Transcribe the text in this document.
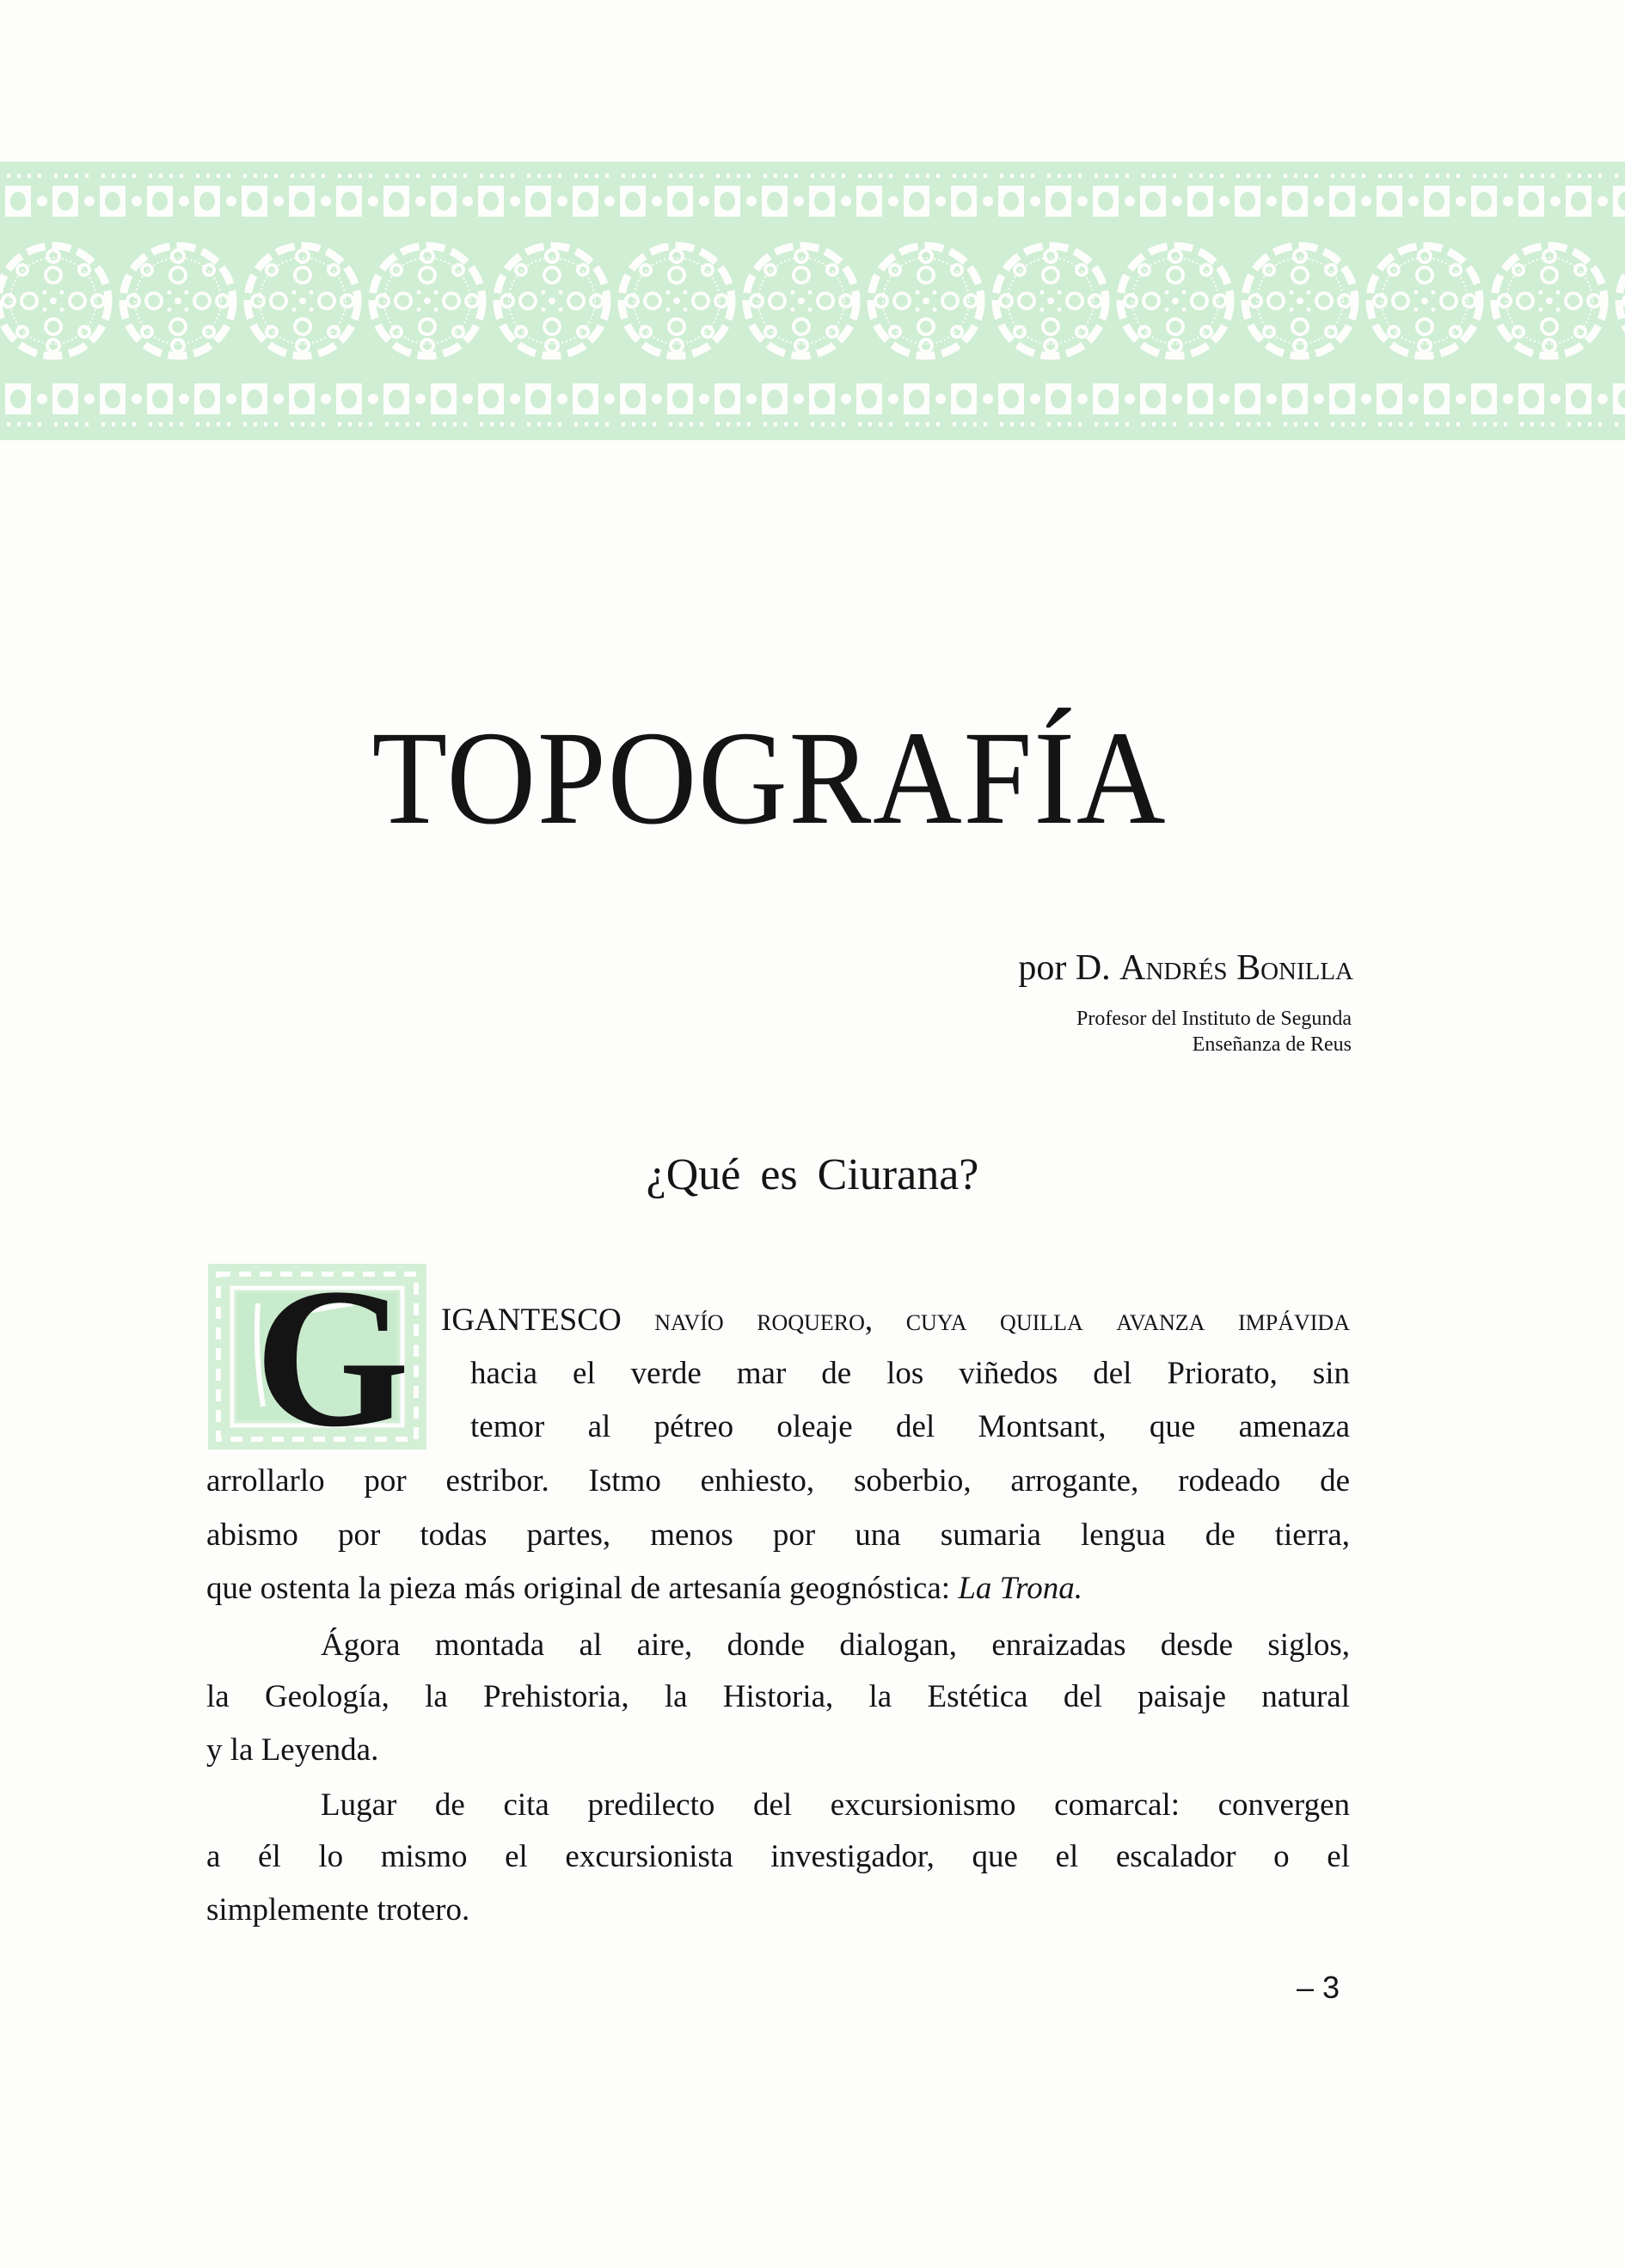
TOPOGRAFÍA
por D. Andrés Bonilla
Profesor del Instituto de Segunda
Enseñanza de Reus
¿Qué es Ciurana?
G IGANTESCO navío roquero, cuya quilla avanza impávida
hacia el verde mar de los viñedos del Priorato, sin
temor al pétreo oleaje del Montsant, que amenaza
arrollarlo por estribor. Istmo enhiesto, soberbio, arrogante, rodeado de
abismo por todas partes, menos por una sumaria lengua de tierra,
que ostenta la pieza más original de artesanía geognóstica: La Trona.
Ágora montada al aire, donde dialogan, enraizadas desde siglos,
la Geología, la Prehistoria, la Historia, la Estética del paisaje natural
y la Leyenda.
Lugar de cita predilecto del excursionismo comarcal: convergen
a él lo mismo el excursionista investigador, que el escalador o el
simplemente trotero.
– 3
